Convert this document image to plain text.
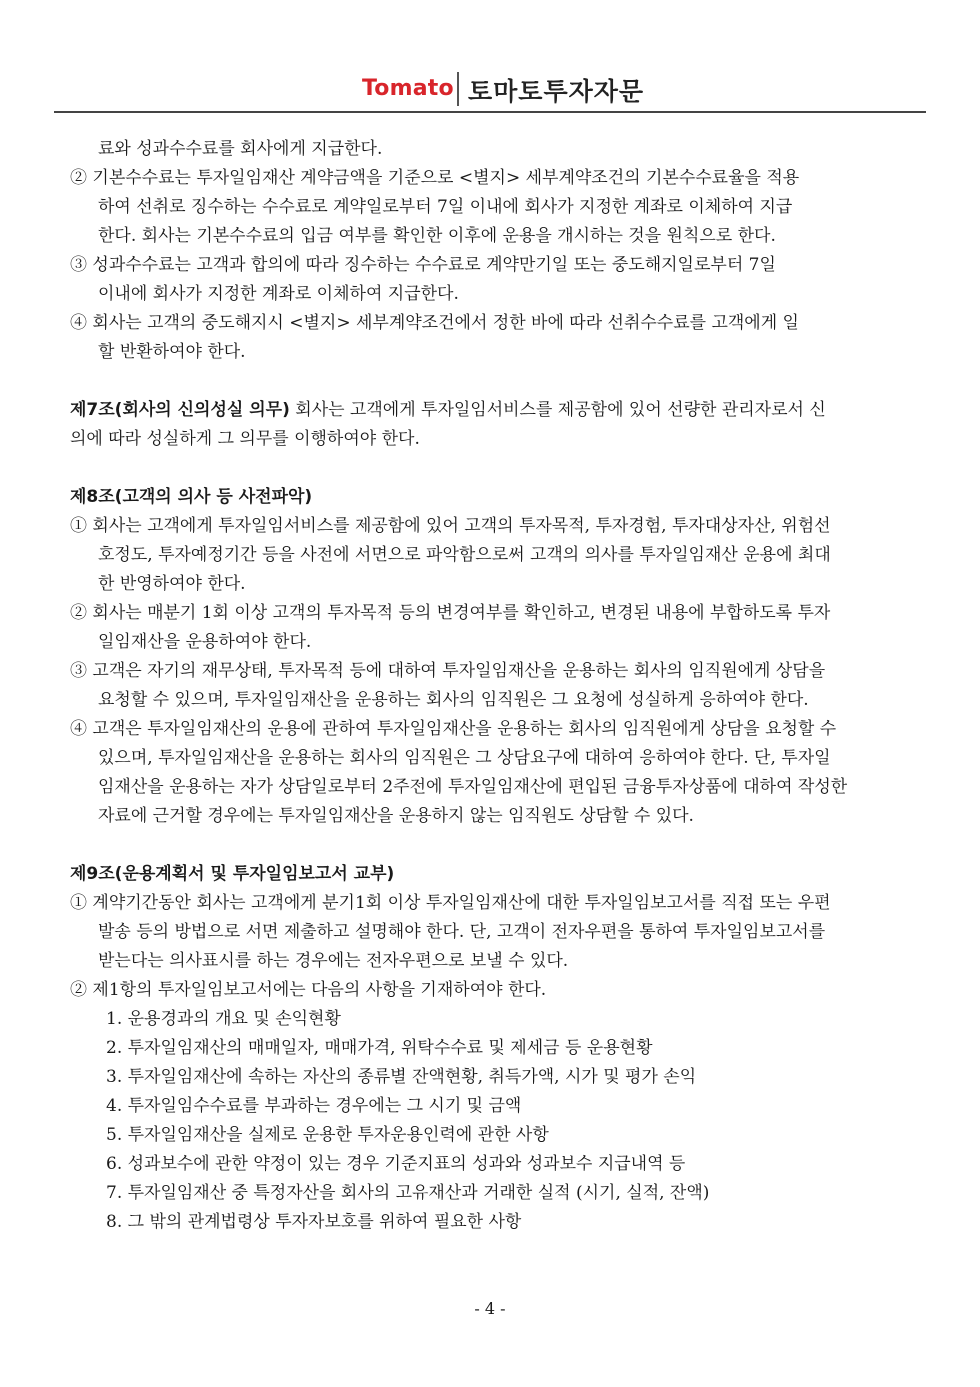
Tomato 토마토투자자문
료와 성과수수료를 회사에게 지급한다.
② 기본수수료는 투자일임재산 계약금액을 기준으로 <별지> 세부계약조건의 기본수수료율을 적용
하여 선취로 징수하는 수수료로 계약일로부터 7일 이내에 회사가 지정한 계좌로 이체하여 지급
한다. 회사는 기본수수료의 입금 여부를 확인한 이후에 운용을 개시하는 것을 원칙으로 한다.
③ 성과수수료는 고객과 합의에 따라 징수하는 수수료로 계약만기일 또는 중도해지일로부터 7일
이내에 회사가 지정한 계좌로 이체하여 지급한다.
④ 회사는 고객의 중도해지시 <별지> 세부계약조건에서 정한 바에 따라 선취수수료를 고객에게 일
할 반환하여야 한다.
제7조(회사의 신의성실 의무) 회사는 고객에게 투자일임서비스를 제공함에 있어 선량한 관리자로서 신
의에 따라 성실하게 그 의무를 이행하여야 한다.
제8조(고객의 의사 등 사전파악)
① 회사는 고객에게 투자일임서비스를 제공함에 있어 고객의 투자목적, 투자경험, 투자대상자산, 위험선
호정도, 투자예정기간 등을 사전에 서면으로 파악함으로써 고객의 의사를 투자일임재산 운용에 최대
한 반영하여야 한다.
② 회사는 매분기 1회 이상 고객의 투자목적 등의 변경여부를 확인하고, 변경된 내용에 부합하도록 투자
일임재산을 운용하여야 한다.
③ 고객은 자기의 재무상태, 투자목적 등에 대하여 투자일임재산을 운용하는 회사의 임직원에게 상담을
요청할 수 있으며, 투자일임재산을 운용하는 회사의 임직원은 그 요청에 성실하게 응하여야 한다.
④ 고객은 투자일임재산의 운용에 관하여 투자일임재산을 운용하는 회사의 임직원에게 상담을 요청할 수
있으며, 투자일임재산을 운용하는 회사의 임직원은 그 상담요구에 대하여 응하여야 한다. 단, 투자일
임재산을 운용하는 자가 상담일로부터 2주전에 투자일임재산에 편입된 금융투자상품에 대하여 작성한
자료에 근거할 경우에는 투자일임재산을 운용하지 않는 임직원도 상담할 수 있다.
제9조(운용계획서 및 투자일임보고서 교부)
① 계약기간동안 회사는 고객에게 분기1회 이상 투자일임재산에 대한 투자일임보고서를 직접 또는 우편
발송 등의 방법으로 서면 제출하고 설명해야 한다. 단, 고객이 전자우편을 통하여 투자일임보고서를
받는다는 의사표시를 하는 경우에는 전자우편으로 보낼 수 있다.
② 제1항의 투자일임보고서에는 다음의 사항을 기재하여야 한다.
1. 운용경과의 개요 및 손익현황
2. 투자일임재산의 매매일자, 매매가격, 위탁수수료 및 제세금 등 운용현황
3. 투자일임재산에 속하는 자산의 종류별 잔액현황, 취득가액, 시가 및 평가 손익
4. 투자일임수수료를 부과하는 경우에는 그 시기 및 금액
5. 투자일임재산을 실제로 운용한 투자운용인력에 관한 사항
6. 성과보수에 관한 약정이 있는 경우 기준지표의 성과와 성과보수 지급내역 등
7. 투자일임재산 중 특정자산을 회사의 고유재산과 거래한 실적 (시기, 실적, 잔액)
8. 그 밖의 관계법령상 투자자보호를 위하여 필요한 사항
- 4 -
